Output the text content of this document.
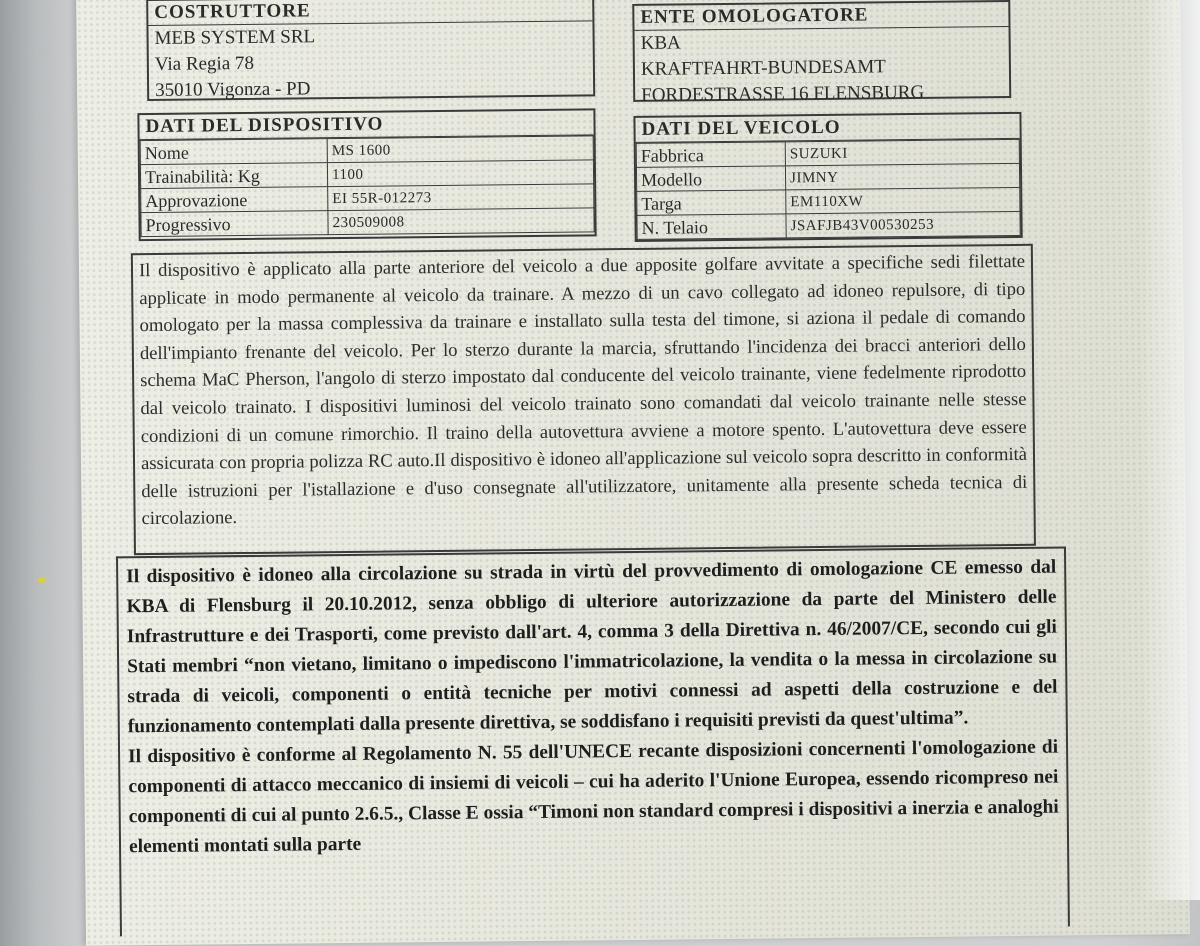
COSTRUTTORE
MEB SYSTEM SRL
Via Regia 78
35010 Vigonza - PD
ENTE OMOLOGATORE
KBA
KRAFTFAHRT-BUNDESAMT
FORDESTRASSE 16 FLENSBURG
DATI DEL DISPOSITIVO
Nome	MS 1600
Trainabilità: Kg	1100
Approvazione	EI 55R-012273
Progressivo	230509008
DATI DEL VEICOLO
Fabbrica	SUZUKI
Modello	JIMNY
Targa	EM110XW
N. Telaio	JSAFJB43V00530253

Il dispositivo è applicato alla parte anteriore del veicolo a due apposite golfare avvitate a specifiche sedi filettate applicate in modo permanente al veicolo da trainare. A mezzo di un cavo collegato ad idoneo repulsore, di tipo omologato per la massa complessiva da trainare e installato sulla testa del timone, si aziona il pedale di comando dell'impianto frenante del veicolo. Per lo sterzo durante la marcia, sfruttando l'incidenza dei bracci anteriori dello schema MaC Pherson, l'angolo di sterzo impostato dal conducente del veicolo trainante, viene fedelmente riprodotto dal veicolo trainato. I dispositivi luminosi del veicolo trainato sono comandati dal veicolo trainante nelle stesse condizioni di un comune rimorchio. Il traino della autovettura avviene a motore spento. L'autovettura deve essere assicurata con propria polizza RC auto.Il dispositivo è idoneo all'applicazione sul veicolo sopra descritto in conformità delle istruzioni per l'istallazione e d'uso consegnate all'utilizzatore, unitamente alla presente scheda tecnica di circolazione.

Il dispositivo è idoneo alla circolazione su strada in virtù del provvedimento di omologazione CE emesso dal KBA di Flensburg il 20.10.2012, senza obbligo di ulteriore autorizzazione da parte del Ministero delle Infrastrutture e dei Trasporti, come previsto dall'art. 4, comma 3 della Direttiva n. 46/2007/CE, secondo cui gli Stati membri “non vietano, limitano o impediscono l'immatricolazione, la vendita o la messa in circolazione su strada di veicoli, componenti o entità tecniche per motivi connessi ad aspetti della costruzione e del funzionamento contemplati dalla presente direttiva, se soddisfano i requisiti previsti da quest'ultima”.

Il dispositivo è conforme al Regolamento N. 55 dell'UNECE recante disposizioni concernenti l'omologazione di componenti di attacco meccanico di insiemi di veicoli – cui ha aderito l'Unione Europea, essendo ricompreso nei componenti di cui al punto 2.6.5., Classe E ossia “Timoni non standard compresi i dispositivi a inerzia e analoghi elementi montati sulla parte
